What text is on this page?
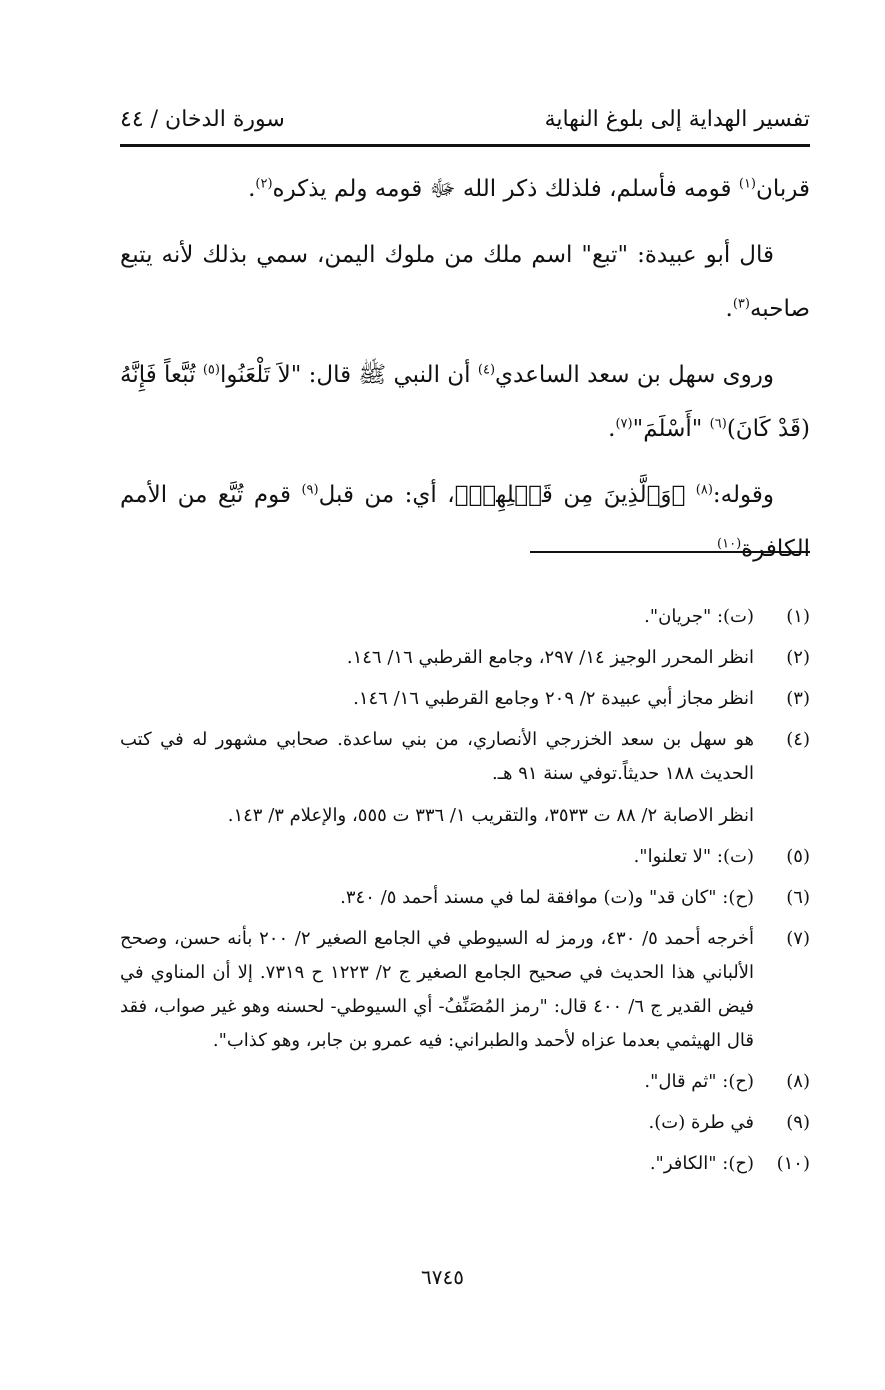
تفسير الهداية إلى بلوغ النهاية
سورة الدخان / ٤٤

قربان$^{(١)}$ قومه فأسلم، فلذلك ذكر الله ﷻ قومه ولم يذكره$^{(٢)}$.

قال أبو عبيدة: "تبع" اسم ملك من ملوك اليمن، سمي بذلك لأنه يتبع صاحبه$^{(٣)}$.

وروى سهل بن سعد الساعدي$^{(٤)}$ أن النبي ﷺ قال: "لاَ تَلْعَنُوا$^{(٥)}$ تُبَّعاً فَإِنَّهُ (قَدْ كَانَ)$^{(٦)}$ "أَسْلَمَ"$^{(٧)}$.

وقوله:$^{(٨)}$ ﴿وَٱلَّذِينَ مِن قَبۡلِهِمۡ﴾، أي: من قبل$^{(٩)}$ قوم تُبَّع من الأمم الكافرة$^{(١٠)}$

(١)
(ت): "جريان".
(٢)
انظر المحرر الوجيز ١٤/ ٢٩٧، وجامع القرطبي ١٦/ ١٤٦.
(٣)
انظر مجاز أبي عبيدة ٢/ ٢٠٩ وجامع القرطبي ١٦/ ١٤٦.
(٤)
هو سهل بن سعد الخزرجي الأنصاري، من بني ساعدة. صحابي مشهور له في كتب الحديث ١٨٨ حديثاً.توفي سنة ٩١ هـ.
انظر الاصابة ٢/ ٨٨ ت ٣٥٣٣، والتقريب ١/ ٣٣٦ ت ٥٥٥، والإعلام ٣/ ١٤٣.
(٥)
(ت): "لا تعلنوا".
(٦)
(ح): "كان قد" و(ت) موافقة لما في مسند أحمد ٥/ ٣٤٠.
(٧)
أخرجه أحمد ٥/ ٤٣٠، ورمز له السيوطي في الجامع الصغير ٢/ ٢٠٠ بأنه حسن، وصحح الألباني هذا الحديث في صحيح الجامع الصغير ج ٢/ ١٢٢٣ ح ٧٣١٩. إلا أن المناوي في فيض القدير ج ٦/ ٤٠٠ قال: "رمز المُصَنِّفُ- أي السيوطي- لحسنه وهو غير صواب، فقد قال الهيثمي بعدما عزاه لأحمد والطبراني: فيه عمرو بن جابر، وهو كذاب".
(٨)
(ح): "ثم قال".
(٩)
في طرة (ت).
(١٠)
(ح): "الكافر".
٦٧٤٥
